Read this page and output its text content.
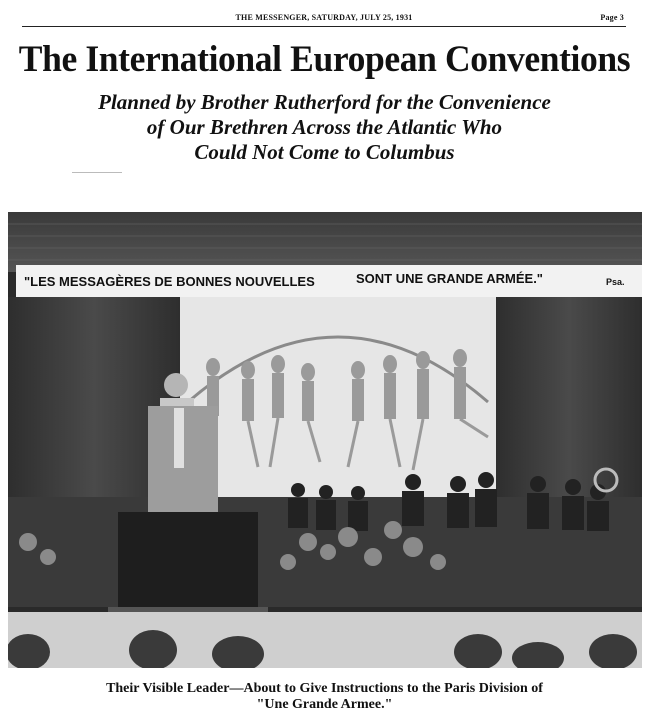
THE MESSENGER, SATURDAY, JULY 25, 1931	Page 3
The International European Conventions
Planned by Brother Rutherford for the Convenience
of Our Brethren Across the Atlantic Who
Could Not Come to Columbus
"LES MESSAGÈRES DE BONNES NOUVELLES	SONT UNE GRANDE ARMÉE."	Psa.
Their Visible Leader—About to Give Instructions to the Paris Division of
"Une Grande Armee."
